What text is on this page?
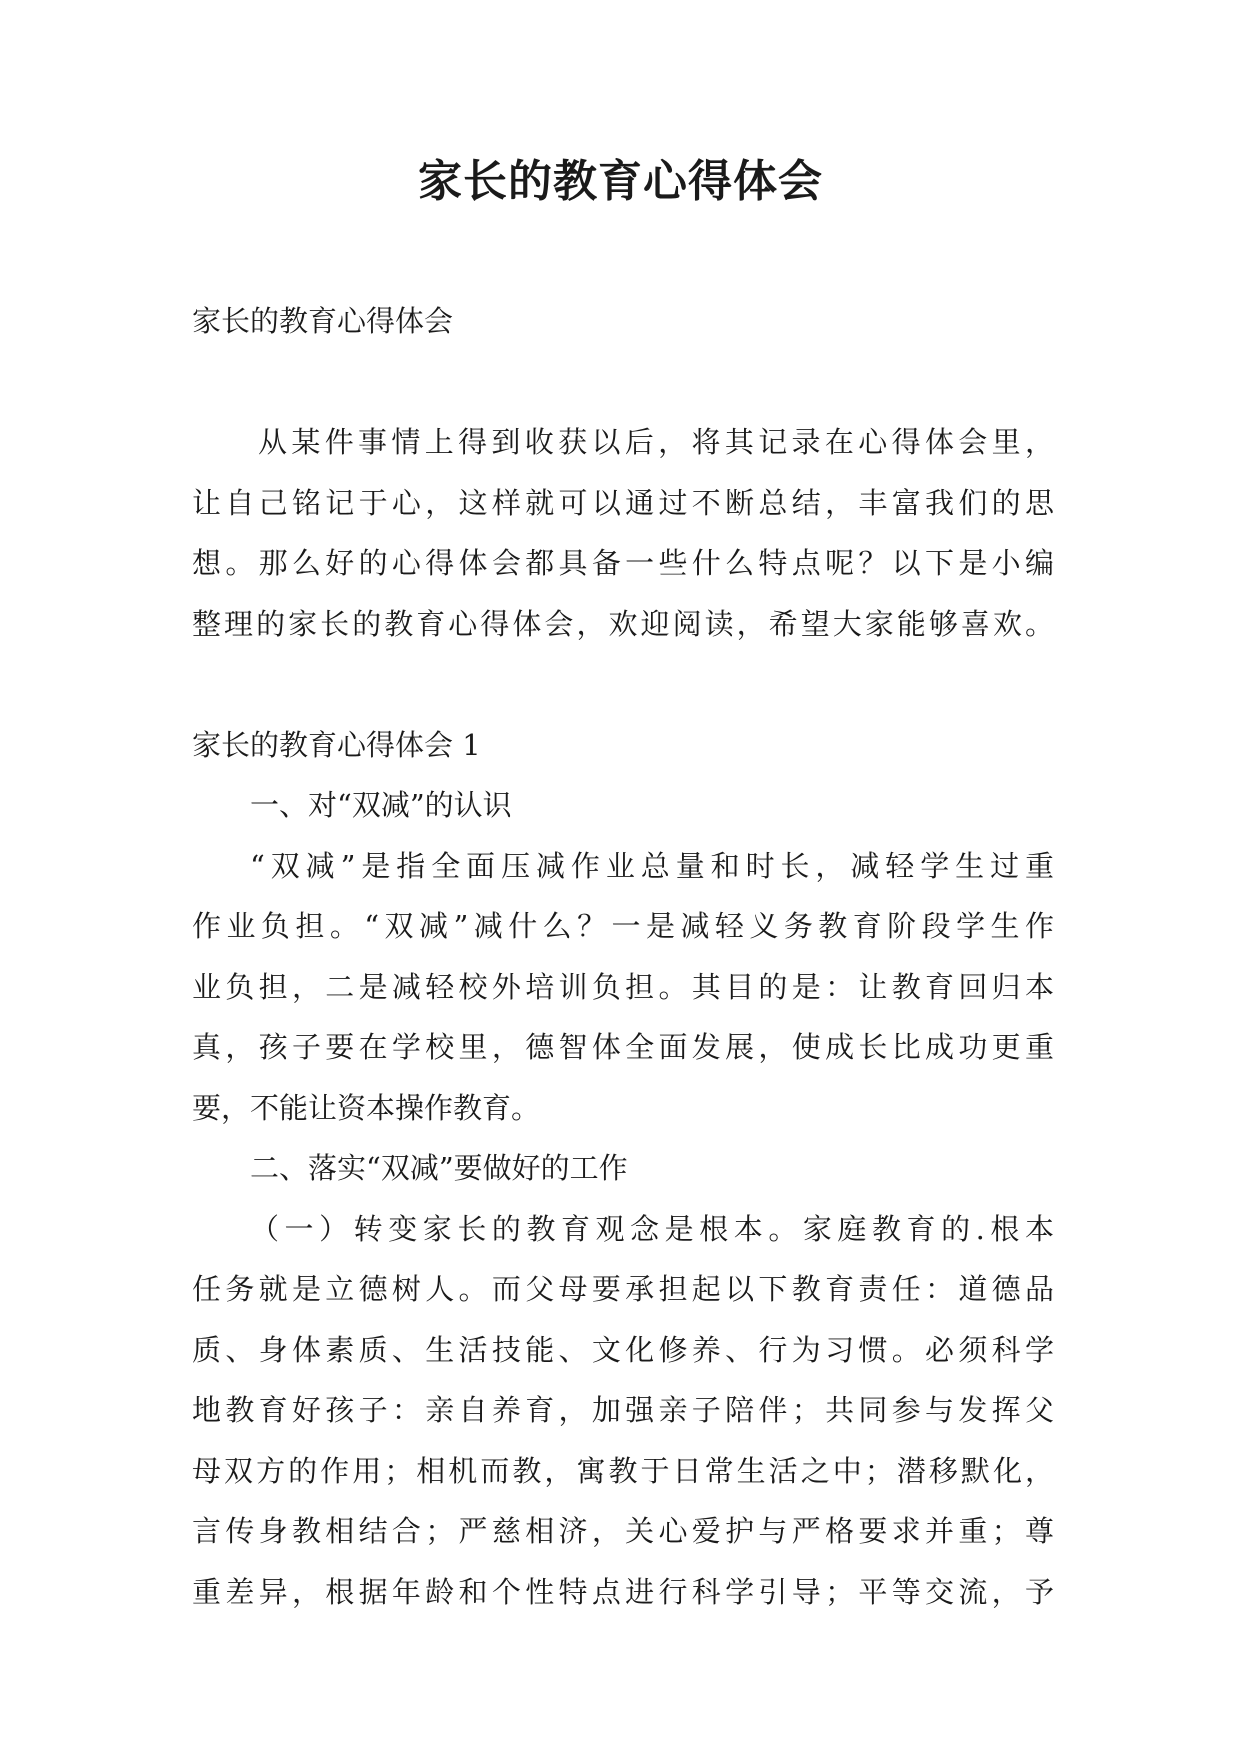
家长的教育心得体会
家长的教育心得体会
从某件事情上得到收获以后，将其记录在心得体会里，
让自己铭记于心，这样就可以通过不断总结，丰富我们的思
想。那么好的心得体会都具备一些什么特点呢？以下是小编
整理的家长的教育心得体会，欢迎阅读，希望大家能够喜欢。
家长的教育心得体会 1
一、对“双减”的认识
“双减”是指全面压减作业总量和时长，减轻学生过重
作业负担。“双减”减什么？一是减轻义务教育阶段学生作
业负担，二是减轻校外培训负担。其目的是：让教育回归本
真，孩子要在学校里，德智体全面发展，使成长比成功更重
要，不能让资本操作教育。
二、落实“双减”要做好的工作
（一）转变家长的教育观念是根本。家庭教育的.根本
任务就是立德树人。而父母要承担起以下教育责任：道德品
质、身体素质、生活技能、文化修养、行为习惯。必须科学
地教育好孩子：亲自养育，加强亲子陪伴；共同参与发挥父
母双方的作用；相机而教，寓教于日常生活之中；潜移默化，
言传身教相结合；严慈相济，关心爱护与严格要求并重；尊
重差异，根据年龄和个性特点进行科学引导；平等交流，予
